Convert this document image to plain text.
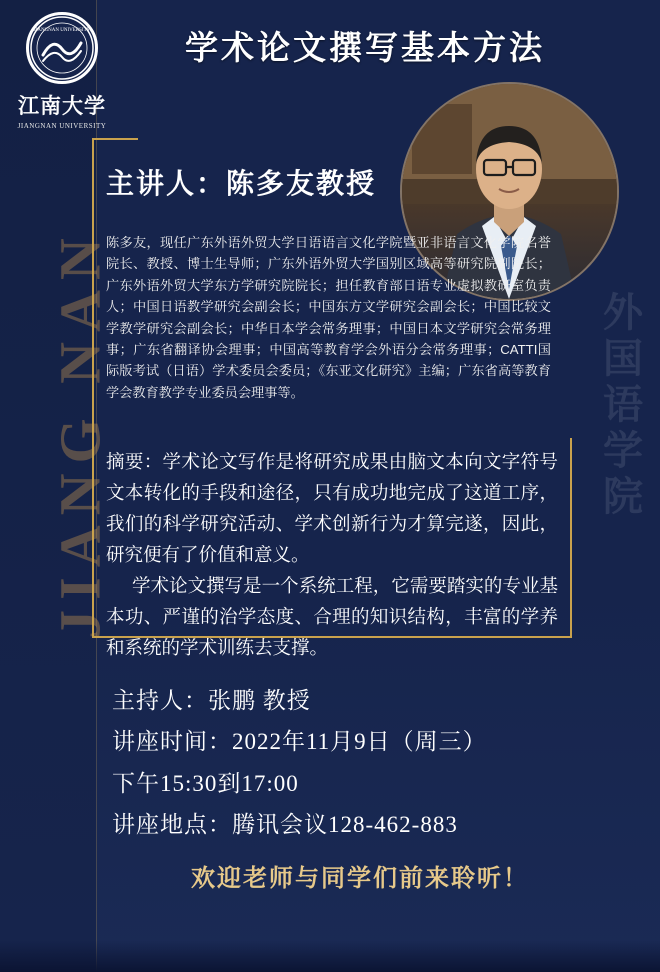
JIANG NAN
JIANGNAN UNIVERSITY
江南大学
JIANGNAN UNIVERSITY
学术论文撰写基本方法
外国语学院
主讲人：陈多友教授
陈多友，现任广东外语外贸大学日语语言文化学院暨亚非语言文化学院名誉院长、教授、博士生导师；广东外语外贸大学国别区域高等研究院副院长；广东外语外贸大学东方学研究院院长；担任教育部日语专业虚拟教研室负责人；中国日语教学研究会副会长；中国东方文学研究会副会长；中国比较文学教学研究会副会长；中华日本学会常务理事；中国日本文学研究会常务理事；广东省翻译协会理事；中国高等教育学会外语分会常务理事；CATTI国际版考试（日语）学术委员会委员；《东亚文化研究》主编；广东省高等教育学会教育教学专业委员会理事等。

摘要：学术论文写作是将研究成果由脑文本向文字符号文本转化的手段和途径，只有成功地完成了这道工序，我们的科学研究活动、学术创新行为才算完遂，因此，研究便有了价值和意义。

学术论文撰写是一个系统工程，它需要踏实的专业基本功、严谨的治学态度、合理的知识结构，丰富的学养和系统的学术训练去支撑。

主持人：张鹏 教授
讲座时间：2022年11月9日（周三）
下午15:30到17:00
讲座地点：腾讯会议128-462-883
欢迎老师与同学们前来聆听！
